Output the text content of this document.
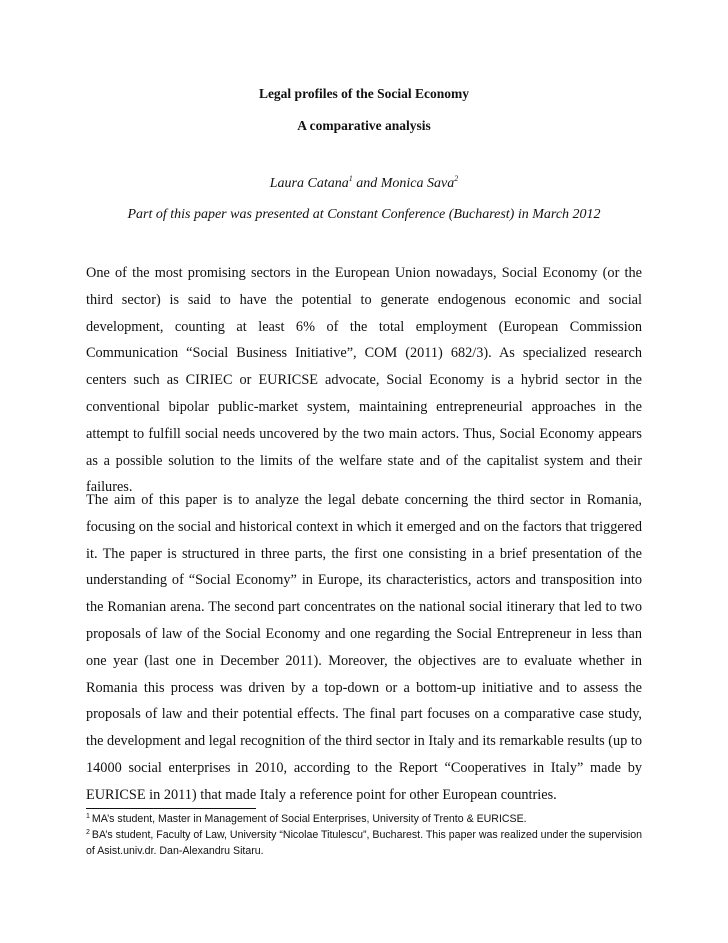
Legal profiles of the Social Economy
A comparative analysis
Laura Catana$^1$ and Monica Sava$^2$
Part of this paper was presented at Constant Conference (Bucharest) in March 2012

One of the most promising sectors in the European Union nowadays, Social Economy (or the third sector) is said to have the potential to generate endogenous economic and social development, counting at least 6% of the total employment (European Commission Communication “Social Business Initiative”, COM (2011) 682/3). As specialized research centers such as CIRIEC or EURICSE advocate, Social Economy is a hybrid sector in the conventional bipolar public-market system, maintaining entrepreneurial approaches in the attempt to fulfill social needs uncovered by the two main actors. Thus, Social Economy appears as a possible solution to the limits of the welfare state and of the capitalist system and their failures.

The aim of this paper is to analyze the legal debate concerning the third sector in Romania, focusing on the social and historical context in which it emerged and on the factors that triggered it. The paper is structured in three parts, the first one consisting in a brief presentation of the understanding of “Social Economy” in Europe, its characteristics, actors and transposition into the Romanian arena. The second part concentrates on the national social itinerary that led to two proposals of law of the Social Economy and one regarding the Social Entrepreneur in less than one year (last one in December 2011). Moreover, the objectives are to evaluate whether in Romania this process was driven by a top-down or a bottom-up initiative and to assess the proposals of law and their potential effects. The final part focuses on a comparative case study, the development and legal recognition of the third sector in Italy and its remarkable results (up to 14000 social enterprises in 2010, according to the Report “Cooperatives in Italy” made by EURICSE in 2011) that made Italy a reference point for other European countries.

$^1$ MA’s student, Master in Management of Social Enterprises, University of Trento & EURICSE.

$^2$ BA’s student, Faculty of Law, University “Nicolae Titulescu”, Bucharest. This paper was realized under the supervision of Asist.univ.dr. Dan-Alexandru Sitaru.
